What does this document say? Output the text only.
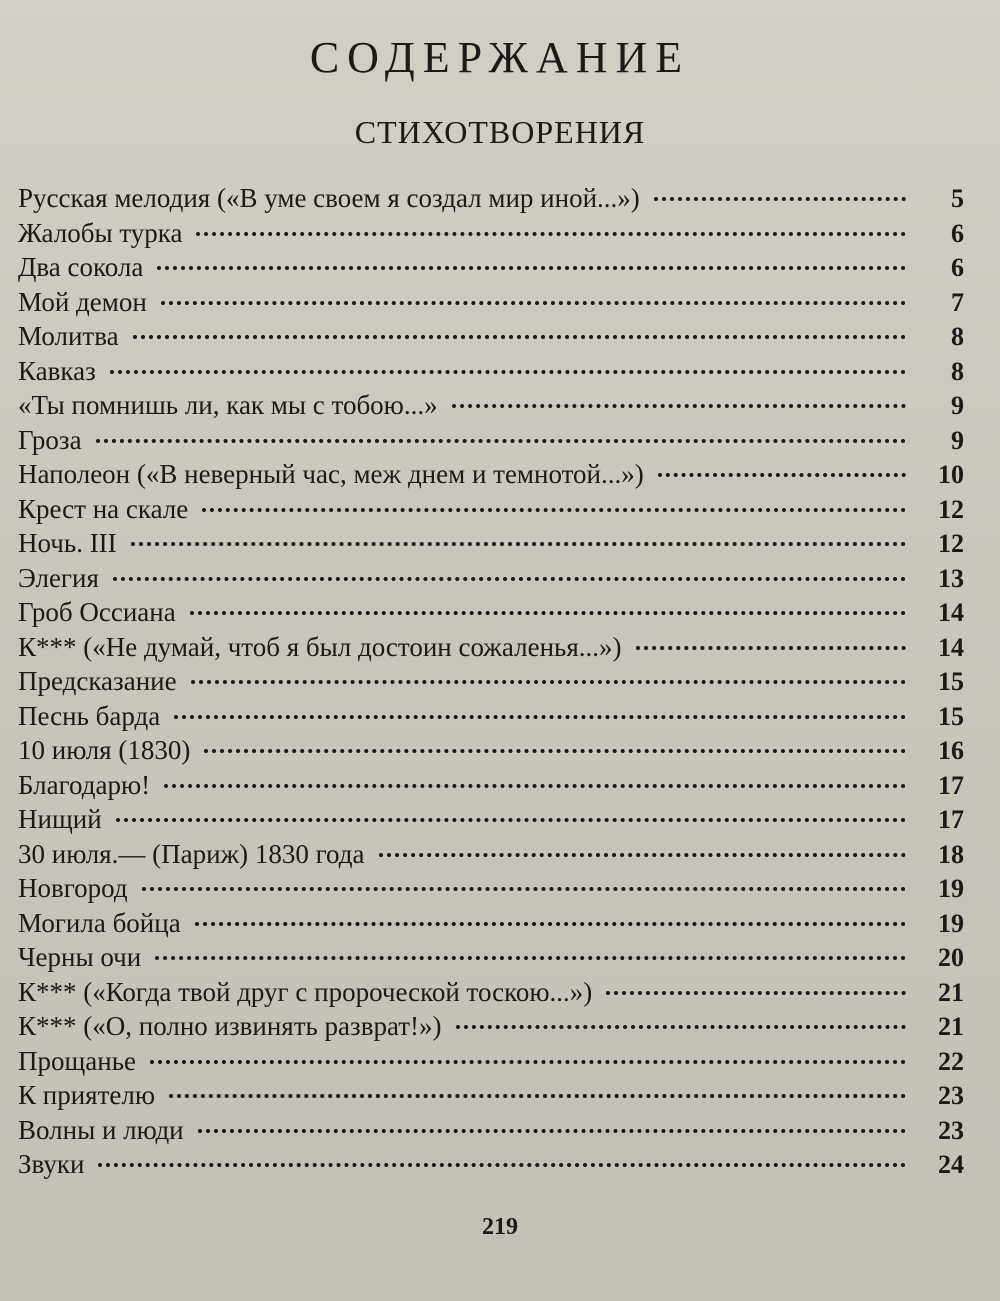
СОДЕРЖАНИЕ
СТИХОТВОРЕНИЯ
Русская мелодия («В уме своем я создал мир иной...»)	5
Жалобы турка	6
Два сокола	6
Мой демон	7
Молитва	8
Кавказ	8
«Ты помнишь ли, как мы с тобою...»	9
Гроза	9
Наполеон («В неверный час, меж днем и темнотой...»)	10
Крест на скале	12
Ночь. III	12
Элегия	13
Гроб Оссиана	14
К*** («Не думай, чтоб я был достоин сожаленья...»)	14
Предсказание	15
Песнь барда	15
10 июля (1830)	16
Благодарю!	17
Нищий	17
30 июля.— (Париж) 1830 года	18
Новгород	19
Могила бойца	19
Черны очи	20
К*** («Когда твой друг с пророческой тоскою...»)	21
К*** («О, полно извинять разврат!»)	21
Прощанье	22
К приятелю	23
Волны и люди	23
Звуки	24

219
